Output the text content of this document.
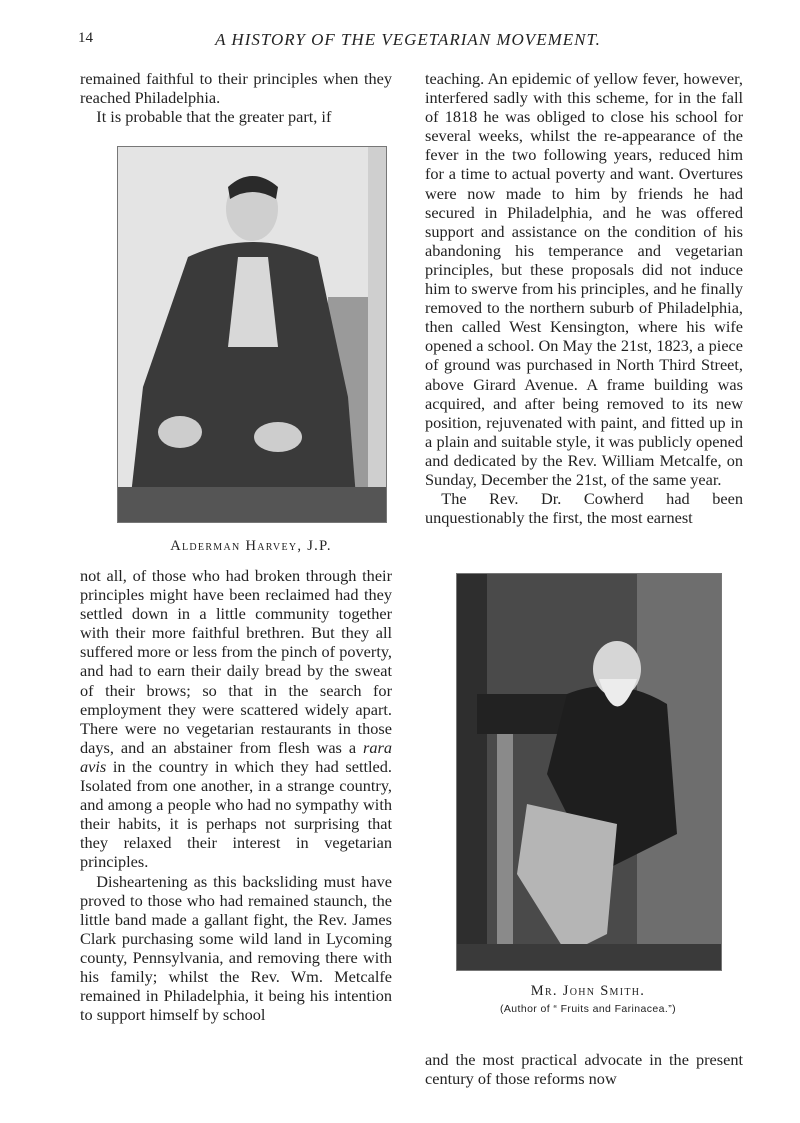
14	A HISTORY OF THE VEGETARIAN MOVEMENT.

remained faithful to their principles when they reached Philadelphia.

It is probable that the greater part, if

Alderman Harvey, J.P.

not all, of those who had broken through their principles might have been reclaimed had they settled down in a little community together with their more faithful brethren. But they all suffered more or less from the pinch of poverty, and had to earn their daily bread by the sweat of their brows; so that in the search for employment they were scattered widely apart. There were no vegetarian restaurants in those days, and an abstainer from flesh was a rara avis in the country in which they had settled. Isolated from one another, in a strange country, and among a people who had no sympathy with their habits, it is perhaps not surprising that they relaxed their interest in vegetarian principles.

Disheartening as this backsliding must have proved to those who had remained staunch, the little band made a gallant fight, the Rev. James Clark purchasing some wild land in Lycoming county, Pennsylvania, and removing there with his family; whilst the Rev. Wm. Metcalfe remained in Philadelphia, it being his intention to support himself by school

teaching. An epidemic of yellow fever, however, interfered sadly with this scheme, for in the fall of 1818 he was obliged to close his school for several weeks, whilst the re-appearance of the fever in the two following years, reduced him for a time to actual poverty and want. Overtures were now made to him by friends he had secured in Philadelphia, and he was offered support and assistance on the condition of his abandoning his temperance and vegetarian principles, but these proposals did not induce him to swerve from his principles, and he finally removed to the northern suburb of Philadelphia, then called West Kensington, where his wife opened a school. On May the 21st, 1823, a piece of ground was purchased in North Third Street, above Girard Avenue. A frame building was acquired, and after being removed to its new position, rejuvenated with paint, and fitted up in a plain and suitable style, it was publicly opened and dedicated by the Rev. William Metcalfe, on Sunday, December the 21st, of the same year.

The Rev. Dr. Cowherd had been unquestionably the first, the most earnest

Mr. John Smith.
(Author of “ Fruits and Farinacea.”)

and the most practical advocate in the present century of those reforms now
